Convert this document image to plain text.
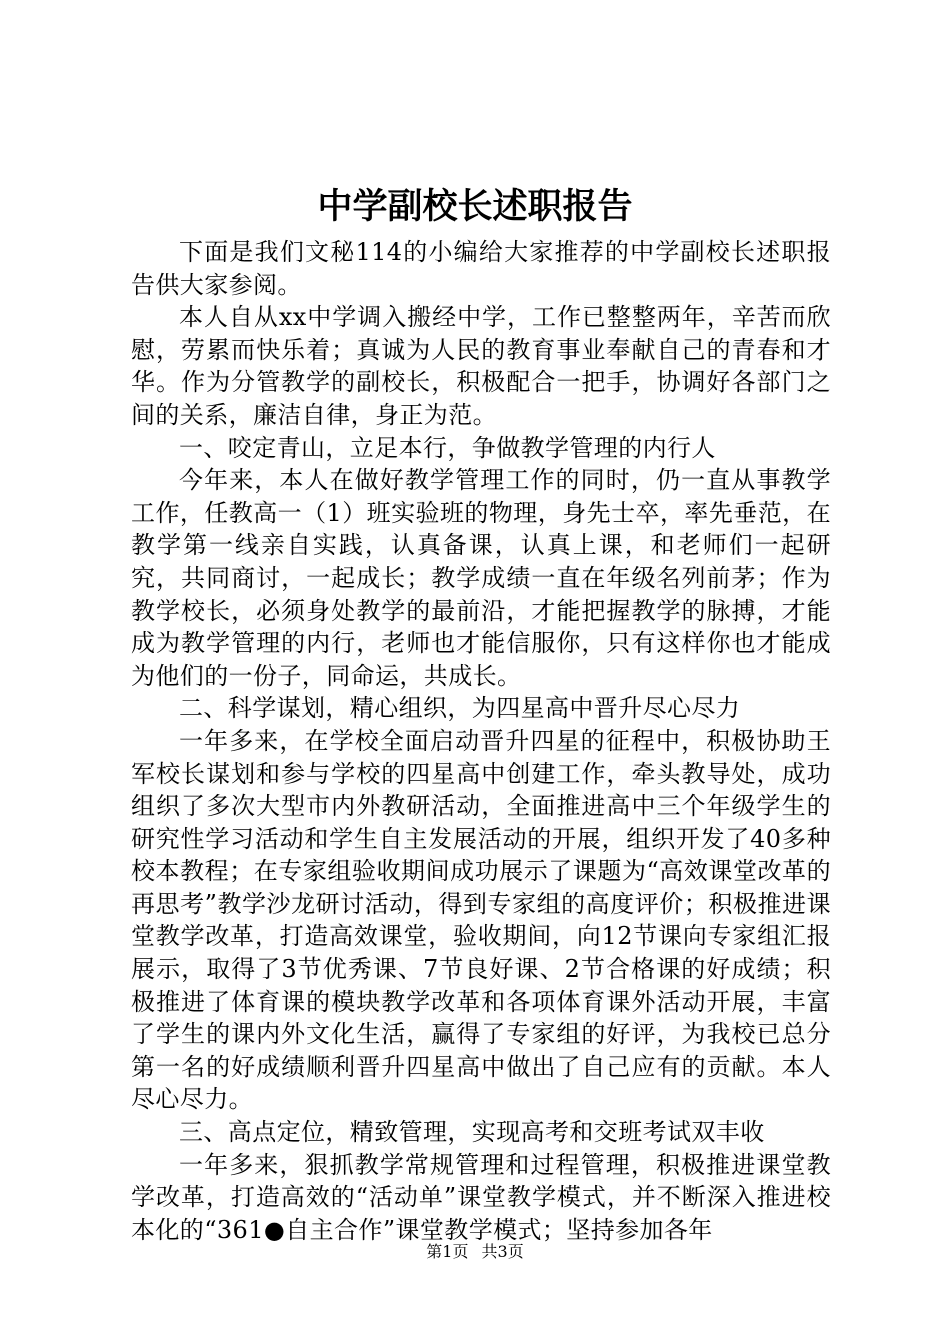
中学副校长述职报告

下面是我们文秘114的小编给大家推荐的中学副校长述职报告供大家参阅。

本人自从xx中学调入搬经中学，工作已整整两年，辛苦而欣慰，劳累而快乐着；真诚为人民的教育事业奉献自己的青春和才华。作为分管教学的副校长，积极配合一把手，协调好各部门之间的关系，廉洁自律，身正为范。

一、咬定青山，立足本行，争做教学管理的内行人

今年来，本人在做好教学管理工作的同时，仍一直从事教学工作，任教高一（1）班实验班的物理，身先士卒，率先垂范，在教学第一线亲自实践，认真备课，认真上课，和老师们一起研究，共同商讨，一起成长；教学成绩一直在年级名列前茅；作为教学校长，必须身处教学的最前沿，才能把握教学的脉搏，才能成为教学管理的内行，老师也才能信服你，只有这样你也才能成为他们的一份子，同命运，共成长。

二、科学谋划，精心组织，为四星高中晋升尽心尽力

一年多来，在学校全面启动晋升四星的征程中，积极协助王军校长谋划和参与学校的四星高中创建工作，牵头教导处，成功组织了多次大型市内外教研活动，全面推进高中三个年级学生的研究性学习活动和学生自主发展活动的开展，组织开发了40多种校本教程；在专家组验收期间成功展示了课题为“高效课堂改革的再思考”教学沙龙研讨活动，得到专家组的高度评价；积极推进课堂教学改革，打造高效课堂，验收期间，向12节课向专家组汇报展示，取得了3节优秀课、7节良好课、2节合格课的好成绩；积极推进了体育课的模块教学改革和各项体育课外活动开展，丰富了学生的课内外文化生活，赢得了专家组的好评，为我校已总分第一名的好成绩顺利晋升四星高中做出了自己应有的贡献。本人尽心尽力。

三、高点定位，精致管理，实现高考和交班考试双丰收

一年多来，狠抓教学常规管理和过程管理，积极推进课堂教学改革，打造高效的“活动单”课堂教学模式，并不断深入推进校本化的“361●自主合作”课堂教学模式；坚持参加各年

第1页 共3页
